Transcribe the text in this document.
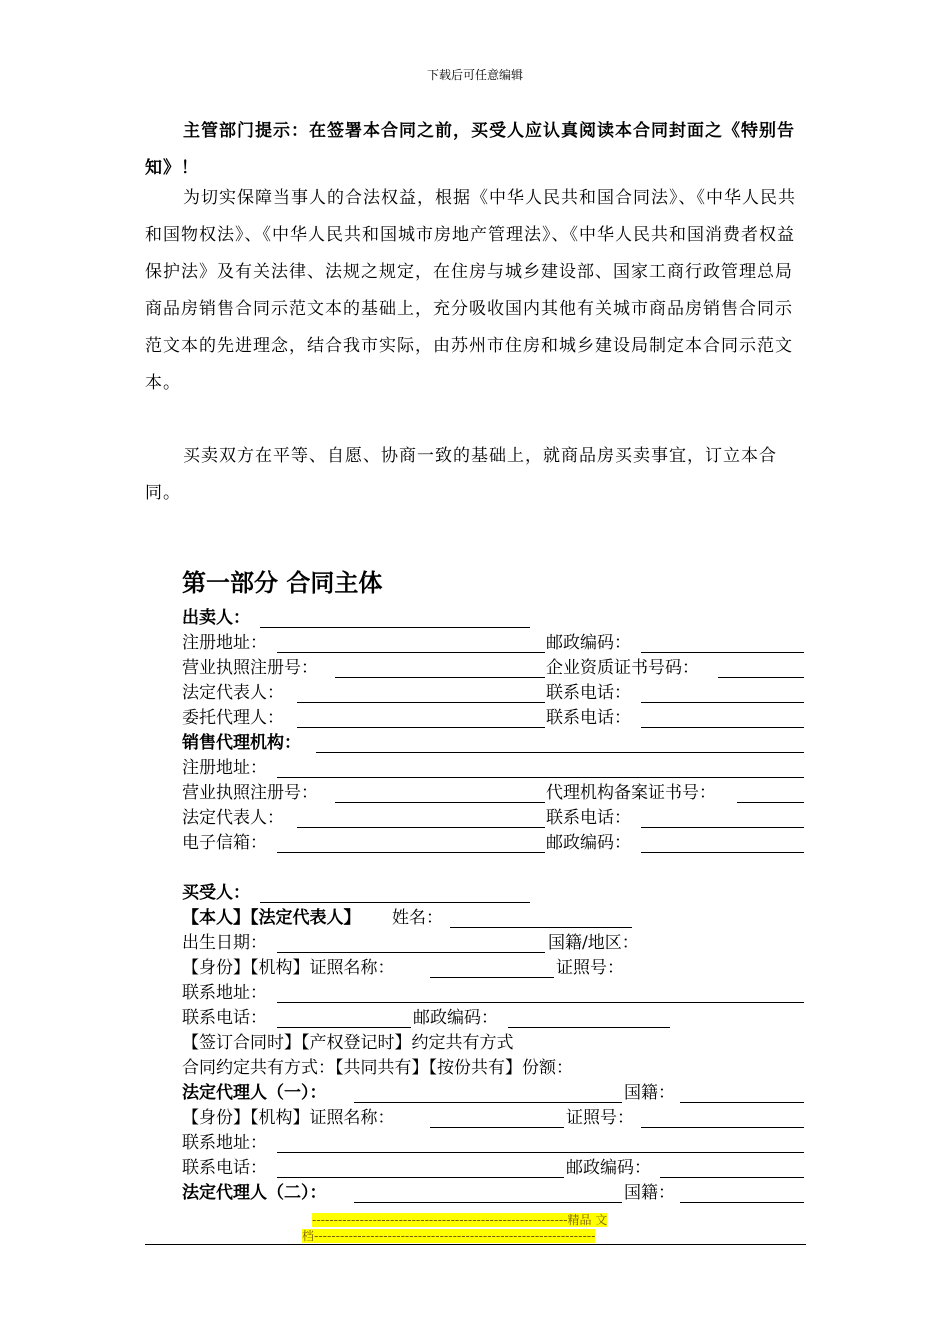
下载后可任意编辑
主管部门提示：在签署本合同之前，买受人应认真阅读本合同封面之《特别告知》！
为切实保障当事人的合法权益，根据《中华人民共和国合同法》、《中华人民共和国物权法》、《中华人民共和国城市房地产管理法》、《中华人民共和国消费者权益保护法》及有关法律、法规之规定，在住房与城乡建设部、国家工商行政管理总局商品房销售合同示范文本的基础上，充分吸收国内其他有关城市商品房销售合同示范文本的先进理念，结合我市实际，由苏州市住房和城乡建设局制定本合同示范文本。
买卖双方在平等、自愿、协商一致的基础上，就商品房买卖事宜，订立本合同。
第一部分 合同主体
出卖人：
注册地址：	邮政编码：
营业执照注册号：	企业资质证书号码：
法定代表人：	联系电话：
委托代理人：	联系电话：
销售代理机构：
注册地址：
营业执照注册号：	代理机构备案证书号：
法定代表人：	联系电话：
电子信箱：	邮政编码：
买受人：
【本人】【法定代表人】 姓名：
出生日期：	国籍/地区：
【身份】【机构】证照名称：	证照号：
联系地址：
联系电话：	邮政编码：
【签订合同时】【产权登记时】约定共有方式
合同约定共有方式：【共同共有】【按份共有】份额：
法定代理人（一）：	国籍：
【身份】【机构】证照名称：	证照号：
联系地址：
联系电话：	邮政编码：
法定代理人（二）：	国籍：
-----------------------------------------------------------精品 文
档-----------------------------------------------------------------
